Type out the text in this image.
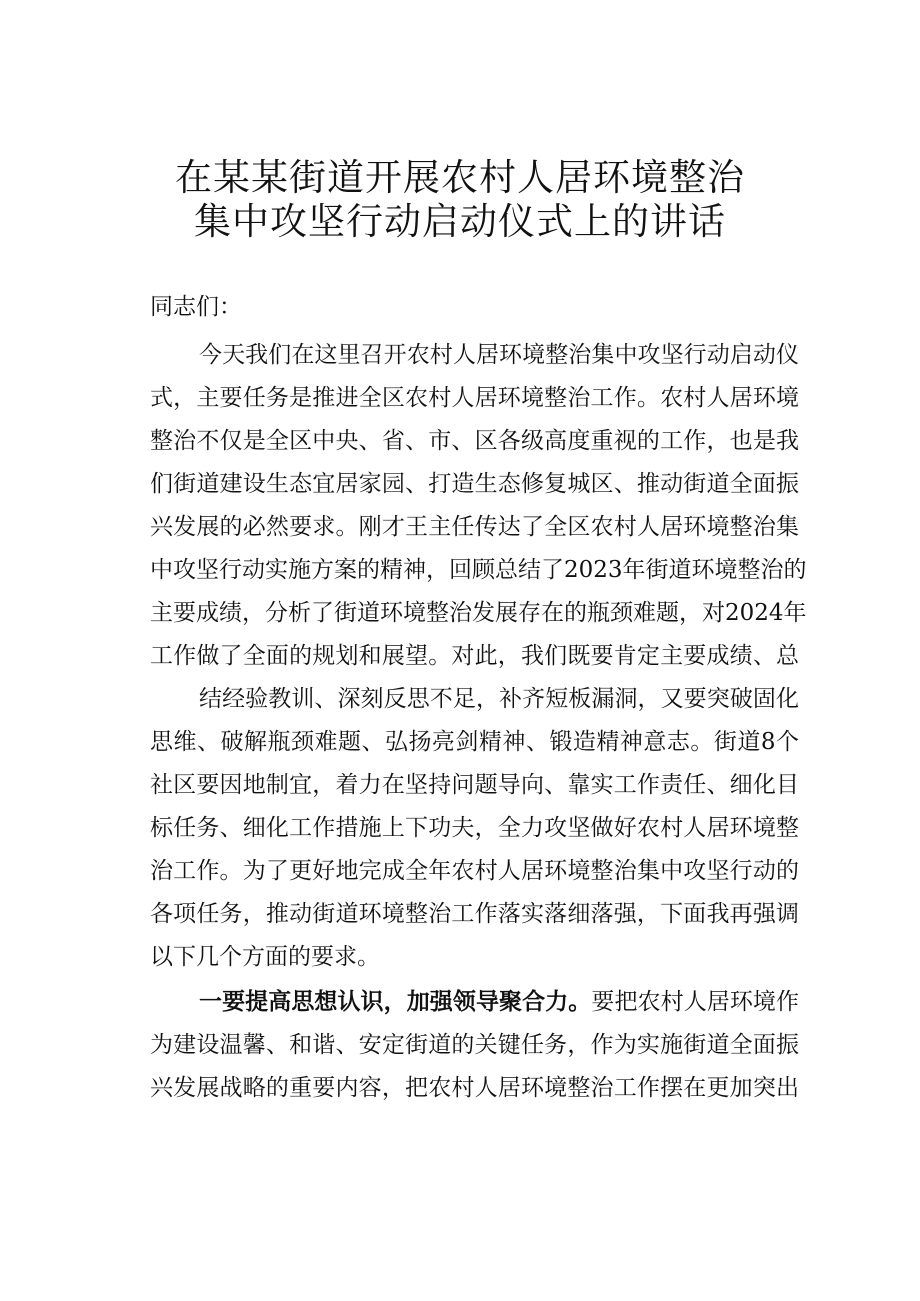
在某某街道开展农村人居环境整治
集中攻坚行动启动仪式上的讲话
同志们：
今天我们在这里召开农村人居环境整治集中攻坚行动启动仪
式，主要任务是推进全区农村人居环境整治工作。农村人居环境
整治不仅是全区中央、省、市、区各级高度重视的工作，也是我
们街道建设生态宜居家园、打造生态修复城区、推动街道全面振
兴发展的必然要求。刚才王主任传达了全区农村人居环境整治集
中攻坚行动实施方案的精神，回顾总结了2023年街道环境整治的
主要成绩，分析了街道环境整治发展存在的瓶颈难题，对2024年
工作做了全面的规划和展望。对此，我们既要肯定主要成绩、总
结经验教训、深刻反思不足，补齐短板漏洞，又要突破固化
思维、破解瓶颈难题、弘扬亮剑精神、锻造精神意志。街道8个
社区要因地制宜，着力在坚持问题导向、靠实工作责任、细化目
标任务、细化工作措施上下功夫，全力攻坚做好农村人居环境整
治工作。为了更好地完成全年农村人居环境整治集中攻坚行动的
各项任务，推动街道环境整治工作落实落细落强，下面我再强调
以下几个方面的要求。
一要提高思想认识，加强领导聚合力。要把农村人居环境作
为建设温馨、和谐、安定街道的关键任务，作为实施街道全面振
兴发展战略的重要内容，把农村人居环境整治工作摆在更加突出
